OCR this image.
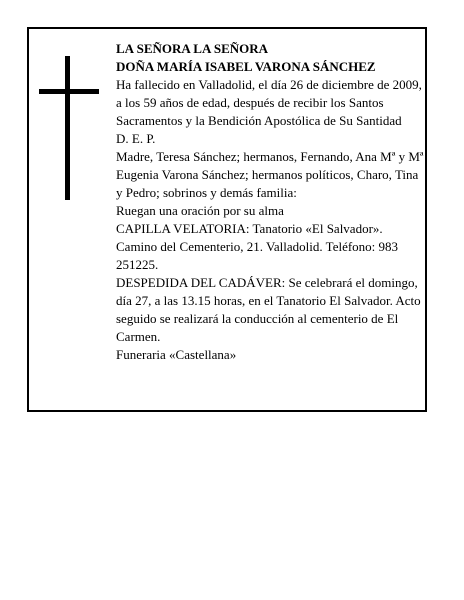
LA SEÑORA LA SEÑORA

DOÑA MARÍA ISABEL VARONA SÁNCHEZ

Ha fallecido en Valladolid, el día 26 de diciembre de 2009, a los 59 años de edad, después de recibir los Santos Sacramentos y la Bendición Apostólica de Su Santidad

D. E. P.

Madre, Teresa Sánchez; hermanos, Fernando, Ana Mª y Mª Eugenia Varona Sánchez; hermanos políticos, Charo, Tina y Pedro; sobrinos y demás familia:

Ruegan una oración por su alma

CAPILLA VELATORIA: Tanatorio «El Salvador». Camino del Cementerio, 21. Valladolid. Teléfono: 983 251225.

DESPEDIDA DEL CADÁVER: Se celebrará el domingo, día 27, a las 13.15 horas, en el Tanatorio El Salvador. Acto seguido se realizará la conducción al cementerio de El Carmen.

Funeraria «Castellana»
